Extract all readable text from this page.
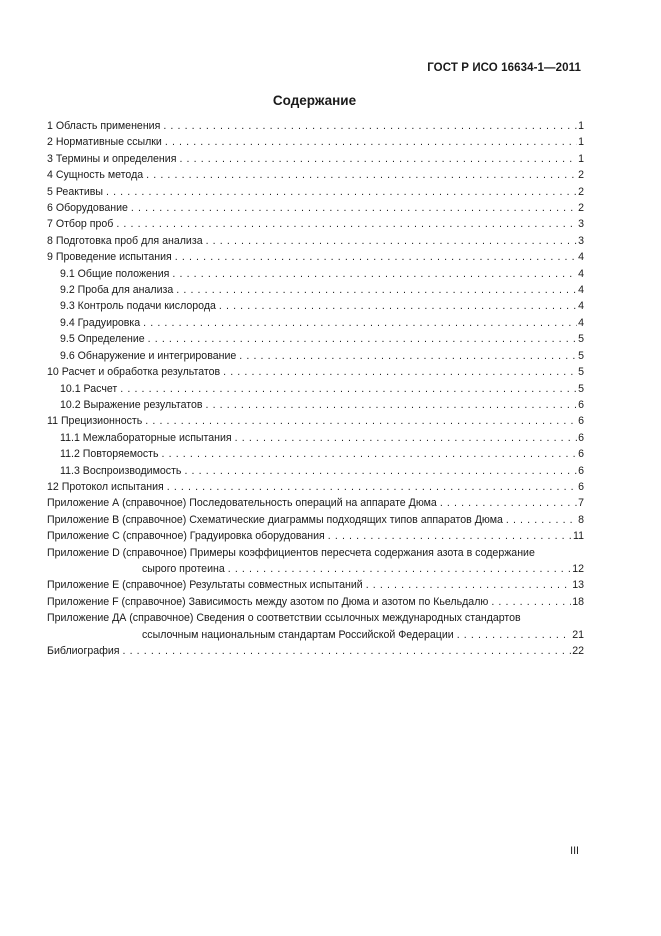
ГОСТ Р ИСО 16634-1—2011
Содержание
1 Область применения . . .	1
2 Нормативные ссылки . . .	1
3 Термины и определения . . .	1
4 Сущность метода . . .	2
5 Реактивы . . .	2
6 Оборудование . . .	2
7 Отбор проб . . .	3
8 Подготовка проб для анализа . . .	3
9 Проведение испытания . . .	4
9.1 Общие положения . . .	4
9.2 Проба для анализа . . .	4
9.3 Контроль подачи кислорода . . .	4
9.4 Градуировка . . .	4
9.5 Определение . . .	5
9.6 Обнаружение и интегрирование . . .	5
10 Расчет и обработка результатов . . .	5
10.1 Расчет . . .	5
10.2 Выражение результатов . . .	6
11 Прецизионность . . .	6
11.1 Межлабораторные испытания . . .	6
11.2 Повторяемость . . .	6
11.3 Воспроизводимость . . .	6
12 Протокол испытания . . .	6
Приложение А (справочное) Последовательность операций на аппарате Дюма . . .	7
Приложение В (справочное) Схематические диаграммы подходящих типов аппаратов Дюма . . .	8
Приложение С (справочное) Градуировка оборудования . . .	11
Приложение D (справочное) Примеры коэффициентов пересчета содержания азота в содержание
сырого протеина . . .	12
Приложение Е (справочное) Результаты совместных испытаний . . .	13
Приложение F (справочное) Зависимость между азотом по Дюма и азотом по Кьельдалю . . .	18
Приложение ДА (справочное) Сведения о соответствии ссылочных международных стандартов
ссылочным национальным стандартам Российской Федерации . . .	21
Библиография . . .	22
III
